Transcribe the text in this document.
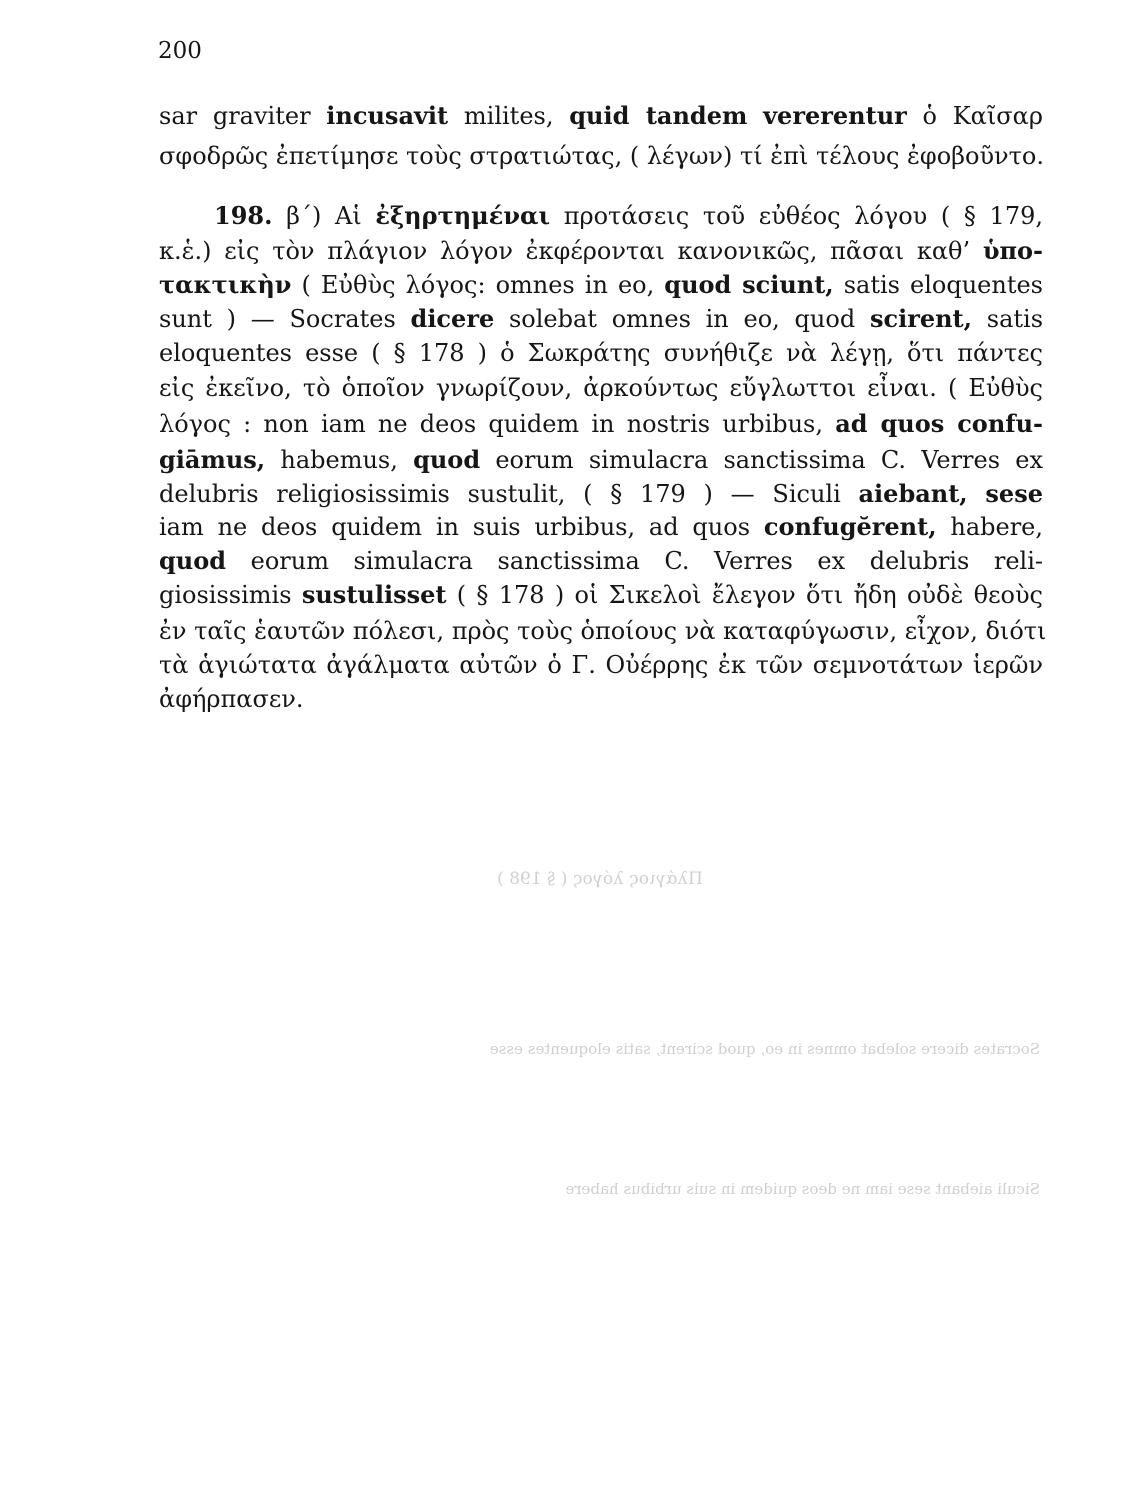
200
sar graviter incusavit milites, quid tandem vererentur ὁ Καῖσαρ
σφοδρῶς ἐπετίμησε τοὺς στρατιώτας, ( λέγων) τί ἐπὶ τέλους ἐφοβοῦντο.
198. β΄) Αἱ ἐξηρτημέναι προτάσεις τοῦ εὐθέος λόγου ( § 179,
κ.ἑ.) εἰς τὸν πλάγιον λόγον ἐκφέρονται κανονικῶς, πᾶσαι καθ’ ὑπο-
τακτικὴν ( Εὐθὺς λόγος: omnes in eo, quod sciunt, satis eloquentes
sunt ) — Socrates dicere solebat omnes in eo, quod scirent, satis
eloquentes esse ( § 178 ) ὁ Σωκράτης συνήθιζε νὰ λέγῃ, ὅτι πάντες
εἰς ἐκεῖνο, τὸ ὁποῖον γνωρίζουν, ἀρκούντως εὔγλωττοι εἶναι. ( Εὐθὺς
λόγος : non iam ne deos quidem in nostris urbibus, ad quos confu-
giāmus, habemus, quod eorum simulacra sanctissima C. Verres ex
delubris religiosissimis sustulit, ( § 179 ) — Siculi aiebant, sese
iam ne deos quidem in suis urbibus, ad quos confugĕrent, habere,
quod eorum simulacra sanctissima C. Verres ex delubris reli-
giosissimis sustulisset ( § 178 ) οἱ Σικελοὶ ἔλεγον ὅτι ἤδη οὐδὲ θεοὺς
ἐν ταῖς ἑαυτῶν πόλεσι, πρὸς τοὺς ὁποίους νὰ καταφύγωσιν, εἶχον, διότι
τὰ ἁγιώτατα ἀγάλματα αὐτῶν ὁ Γ. Οὐέρρης ἐκ τῶν σεμνοτάτων ἱερῶν
ἀφήρπασεν.
Πλάγιος λόγος ( § 198 )
Socrates dicere solebat omnes in eo, quod scirent, satis eloquentes esse
Siculi aiebant sese iam ne deos quidem in suis urbibus habere
